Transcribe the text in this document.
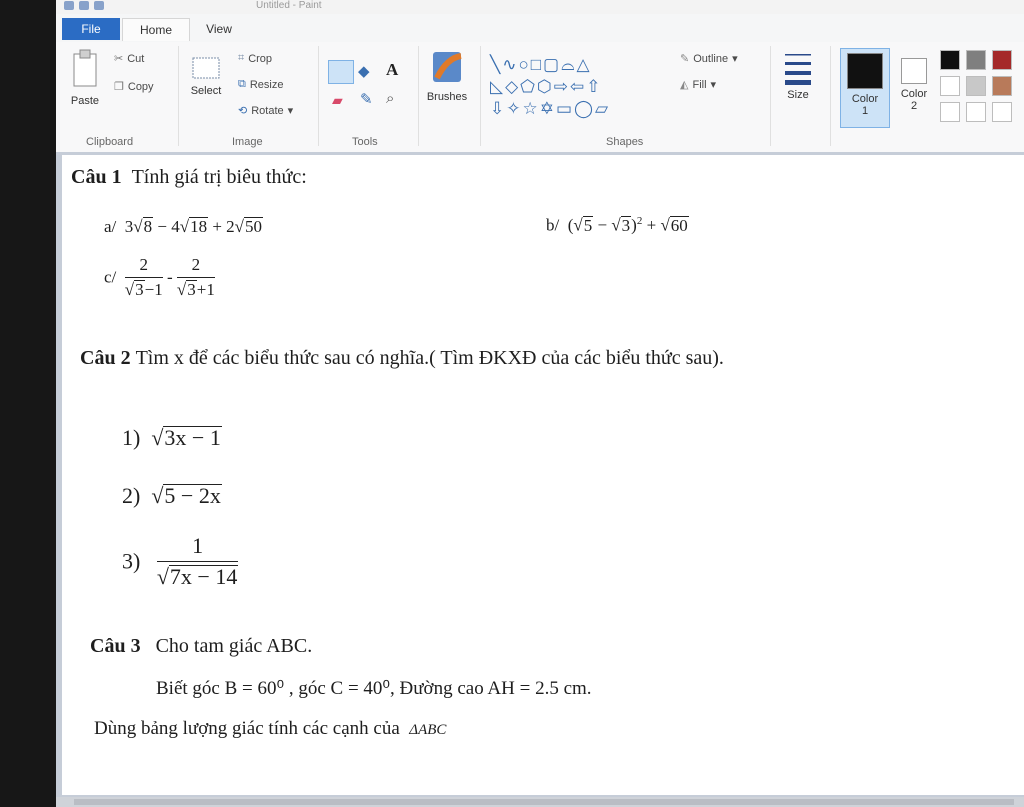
Untitled - Paint
File	Home	View
Paste
✂ Cut
❐ Copy
Clipboard
Select
⌗ Crop
⧉ Resize
⟲ Rotate ▾
Image
◆ A
▰ ✎ ⌕
Tools
Brushes
╲∿○□▢⌓△
◺◇⬠⬡⇨⇦⇧
⇩✧☆✡▭◯▱
✎ Outline ▾
◭ Fill ▾
Shapes
Size	Color
1
Color
2
Câu 1 Tính giá trị biêu thức:
a/ 3√8 − 4√18 + 2√50	b/  $(√5 - √3)^2 + √60$
$c/ \frac{2}{√3-1} - \frac{2}{√3+1}$
Câu 2 Tìm x để các biểu thức sau có nghĩa.( Tìm ĐKXĐ của các biểu thức sau).
1)  √3x − 1
2)  √5 − 2x
$3) \frac{1}{√7x - 14}$
Câu 3 Cho tam giác ABC.
Biết góc B = 60⁰ , góc C = 40⁰, Đường cao AH = 2.5 cm.
Dùng bảng lượng giác tính các cạnh của ΔABC
